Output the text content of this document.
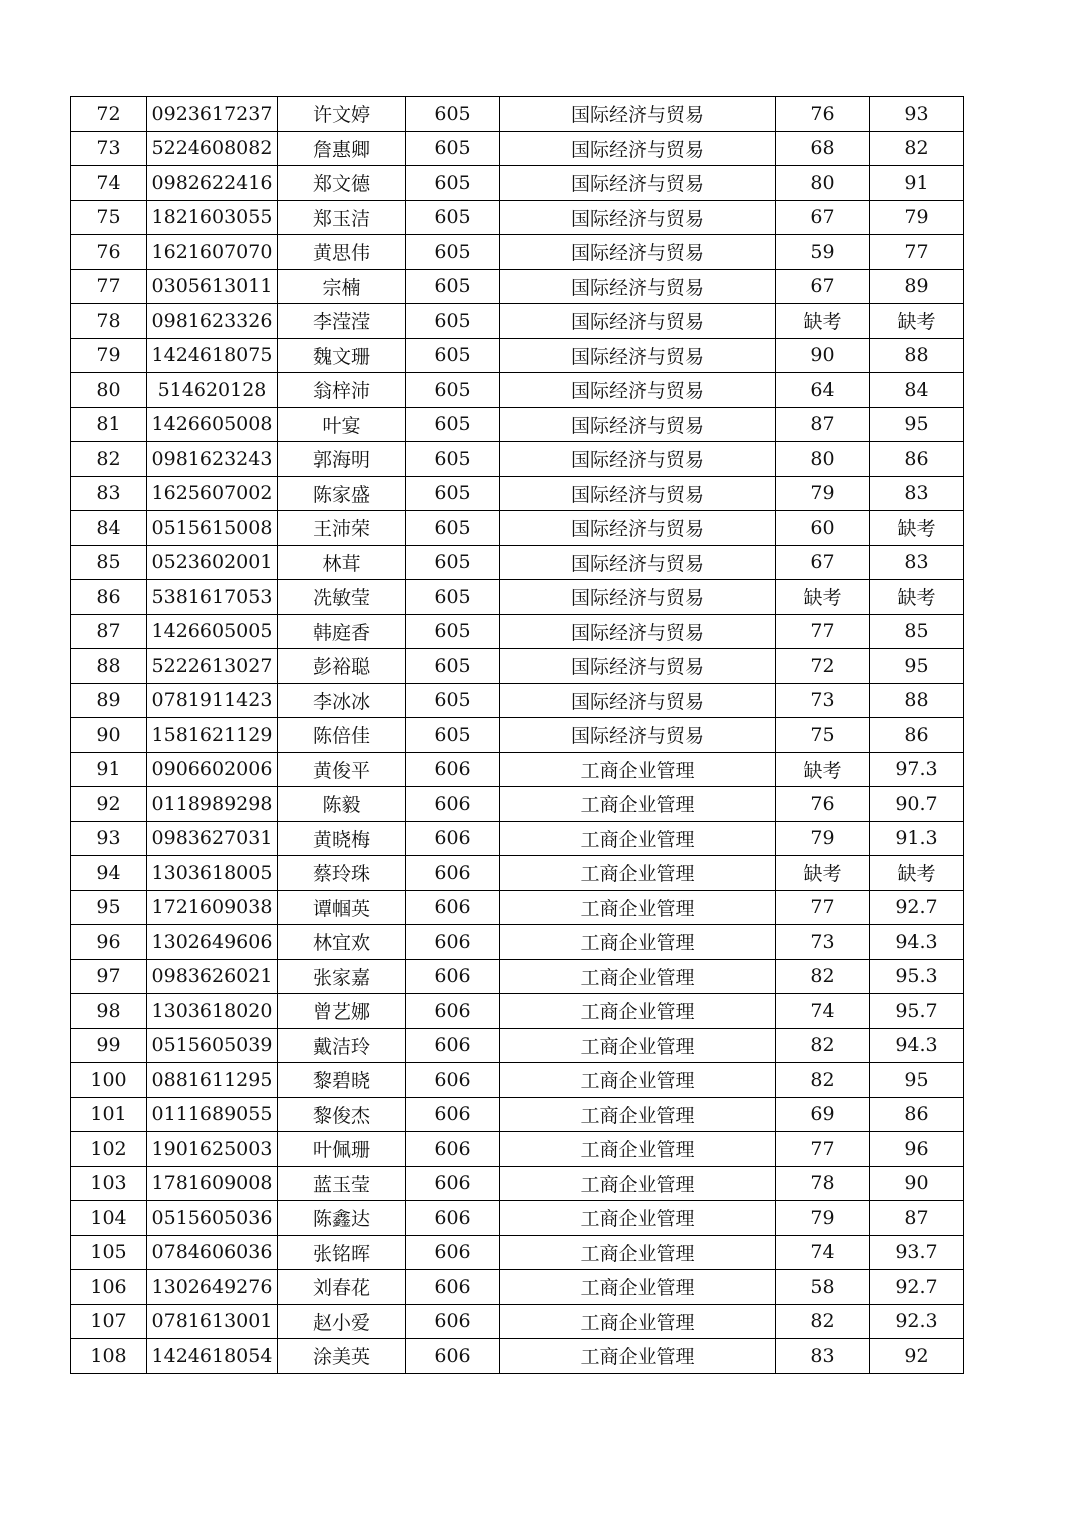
72	0923617237	许文婷	605	国际经济与贸易	76	93
73	5224608082	詹惠卿	605	国际经济与贸易	68	82
74	0982622416	郑文德	605	国际经济与贸易	80	91
75	1821603055	郑玉洁	605	国际经济与贸易	67	79
76	1621607070	黄思伟	605	国际经济与贸易	59	77
77	0305613011	宗楠	605	国际经济与贸易	67	89
78	0981623326	李滢滢	605	国际经济与贸易	缺考	缺考
79	1424618075	魏文珊	605	国际经济与贸易	90	88
80	514620128	翁梓沛	605	国际经济与贸易	64	84
81	1426605008	叶宴	605	国际经济与贸易	87	95
82	0981623243	郭海明	605	国际经济与贸易	80	86
83	1625607002	陈家盛	605	国际经济与贸易	79	83
84	0515615008	王沛荣	605	国际经济与贸易	60	缺考
85	0523602001	林茸	605	国际经济与贸易	67	83
86	5381617053	冼敏莹	605	国际经济与贸易	缺考	缺考
87	1426605005	韩庭香	605	国际经济与贸易	77	85
88	5222613027	彭裕聪	605	国际经济与贸易	72	95
89	0781911423	李冰冰	605	国际经济与贸易	73	88
90	1581621129	陈倍佳	605	国际经济与贸易	75	86
91	0906602006	黄俊平	606	工商企业管理	缺考	97.3
92	0118989298	陈毅	606	工商企业管理	76	90.7
93	0983627031	黄晓梅	606	工商企业管理	79	91.3
94	1303618005	蔡玲珠	606	工商企业管理	缺考	缺考
95	1721609038	谭帼英	606	工商企业管理	77	92.7
96	1302649606	林宜欢	606	工商企业管理	73	94.3
97	0983626021	张家嘉	606	工商企业管理	82	95.3
98	1303618020	曾艺娜	606	工商企业管理	74	95.7
99	0515605039	戴洁玲	606	工商企业管理	82	94.3
100	0881611295	黎碧晓	606	工商企业管理	82	95
101	0111689055	黎俊杰	606	工商企业管理	69	86
102	1901625003	叶佩珊	606	工商企业管理	77	96
103	1781609008	蓝玉莹	606	工商企业管理	78	90
104	0515605036	陈鑫达	606	工商企业管理	79	87
105	0784606036	张铭晖	606	工商企业管理	74	93.7
106	1302649276	刘春花	606	工商企业管理	58	92.7
107	0781613001	赵小爱	606	工商企业管理	82	92.3
108	1424618054	涂美英	606	工商企业管理	83	92
